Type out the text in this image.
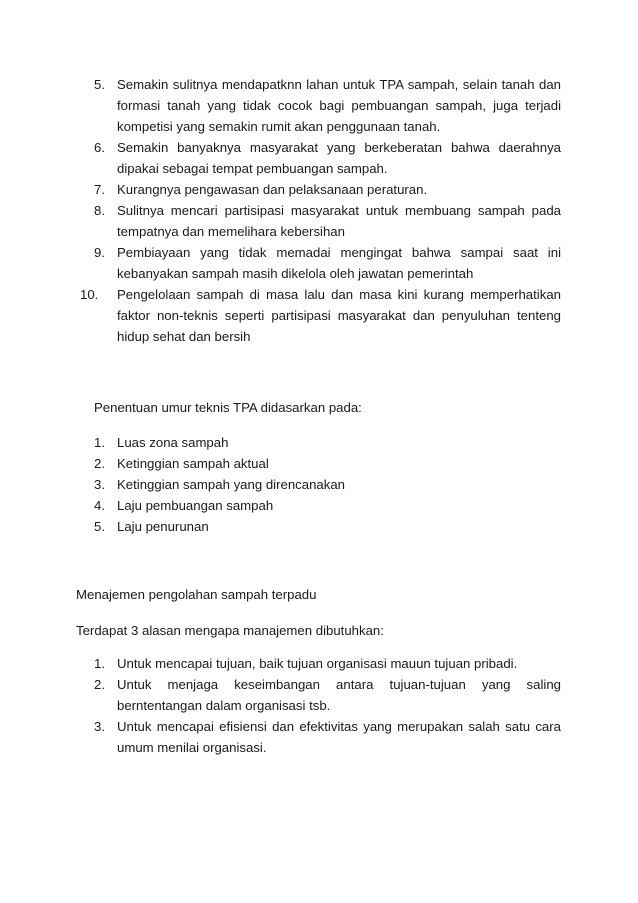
5. Semakin sulitnya mendapatknn lahan untuk TPA sampah, selain tanah dan formasi tanah yang tidak cocok bagi pembuangan sampah, juga terjadi kompetisi yang semakin rumit akan penggunaan tanah.
6. Semakin banyaknya masyarakat yang berkeberatan bahwa daerahnya dipakai sebagai tempat pembuangan sampah.
7. Kurangnya pengawasan dan pelaksanaan peraturan.
8. Sulitnya mencari partisipasi masyarakat untuk membuang sampah pada tempatnya dan memelihara kebersihan
9. Pembiayaan yang tidak memadai mengingat bahwa sampai saat ini kebanyakan sampah masih dikelola oleh jawatan pemerintah
10. Pengelolaan sampah di masa lalu dan masa kini kurang memperhatikan faktor non-teknis seperti partisipasi masyarakat dan penyuluhan tenteng hidup sehat dan bersih

Penentuan umur teknis TPA didasarkan pada:

1. Luas zona sampah
2. Ketinggian sampah aktual
3. Ketinggian sampah yang direncanakan
4. Laju pembuangan sampah
5. Laju penurunan

Menajemen pengolahan sampah terpadu

Terdapat 3 alasan mengapa manajemen dibutuhkan:

1. Untuk mencapai tujuan, baik tujuan organisasi mauun tujuan pribadi.
2. Untuk menjaga keseimbangan antara tujuan-tujuan yang saling berntentangan dalam organisasi tsb.
3. Untuk mencapai efisiensi dan efektivitas yang merupakan salah satu cara umum menilai organisasi.
